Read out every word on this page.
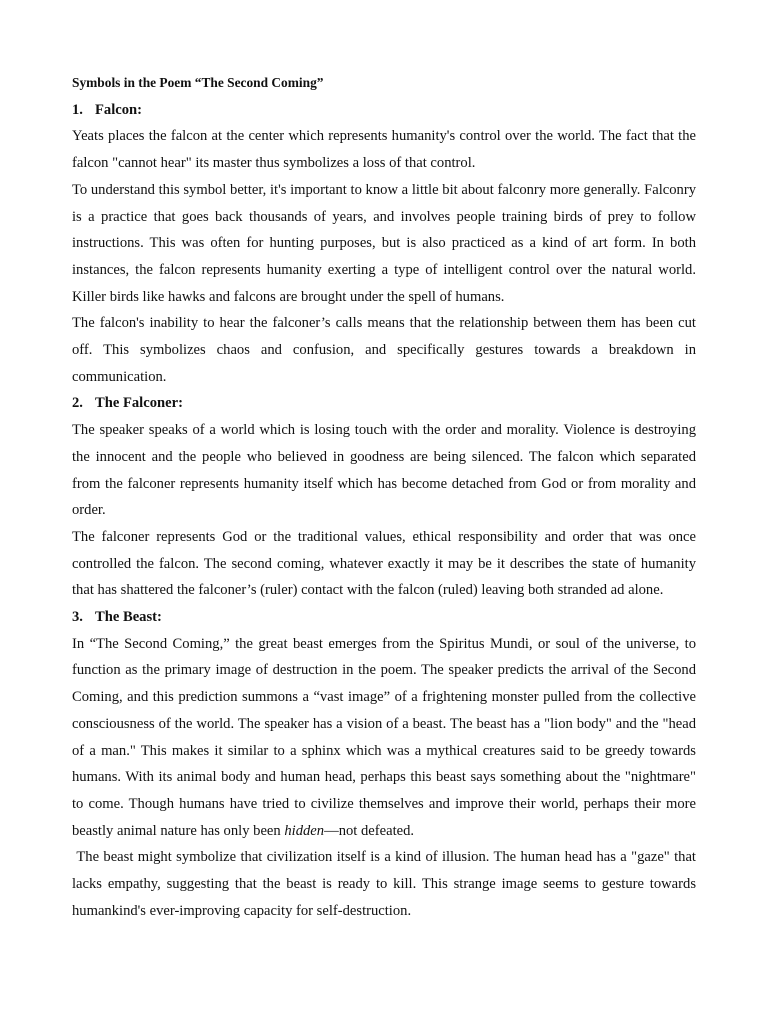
Symbols in the Poem “The Second Coming”

1. Falcon:

Yeats places the falcon at the center which represents humanity's control over the world. The fact that the falcon "cannot hear" its master thus symbolizes a loss of that control.

To understand this symbol better, it's important to know a little bit about falconry more generally. Falconry is a practice that goes back thousands of years, and involves people training birds of prey to follow instructions. This was often for hunting purposes, but is also practiced as a kind of art form. In both instances, the falcon represents humanity exerting a type of intelligent control over the natural world. Killer birds like hawks and falcons are brought under the spell of humans.

The falcon's inability to hear the falconer’s calls means that the relationship between them has been cut off. This symbolizes chaos and confusion, and specifically gestures towards a breakdown in communication.

2. The Falconer:

The speaker speaks of a world which is losing touch with the order and morality. Violence is destroying the innocent and the people who believed in goodness are being silenced. The falcon which separated from the falconer represents humanity itself which has become detached from God or from morality and order.

The falconer represents God or the traditional values, ethical responsibility and order that was once controlled the falcon. The second coming, whatever exactly it may be it describes the state of humanity that has shattered the falconer’s (ruler) contact with the falcon (ruled) leaving both stranded ad alone.

3. The Beast:

In “The Second Coming,” the great beast emerges from the Spiritus Mundi, or soul of the universe, to function as the primary image of destruction in the poem. The speaker predicts the arrival of the Second Coming, and this prediction summons a “vast image” of a frightening monster pulled from the collective consciousness of the world. The speaker has a vision of a beast. The beast has a "lion body" and the "head of a man." This makes it similar to a sphinx which was a mythical creatures said to be greedy towards humans. With its animal body and human head, perhaps this beast says something about the "nightmare" to come. Though humans have tried to civilize themselves and improve their world, perhaps their more beastly animal nature has only been hidden—not defeated.

The beast might symbolize that civilization itself is a kind of illusion. The human head has a "gaze" that lacks empathy, suggesting that the beast is ready to kill. This strange image seems to gesture towards humankind's ever-improving capacity for self-destruction.
